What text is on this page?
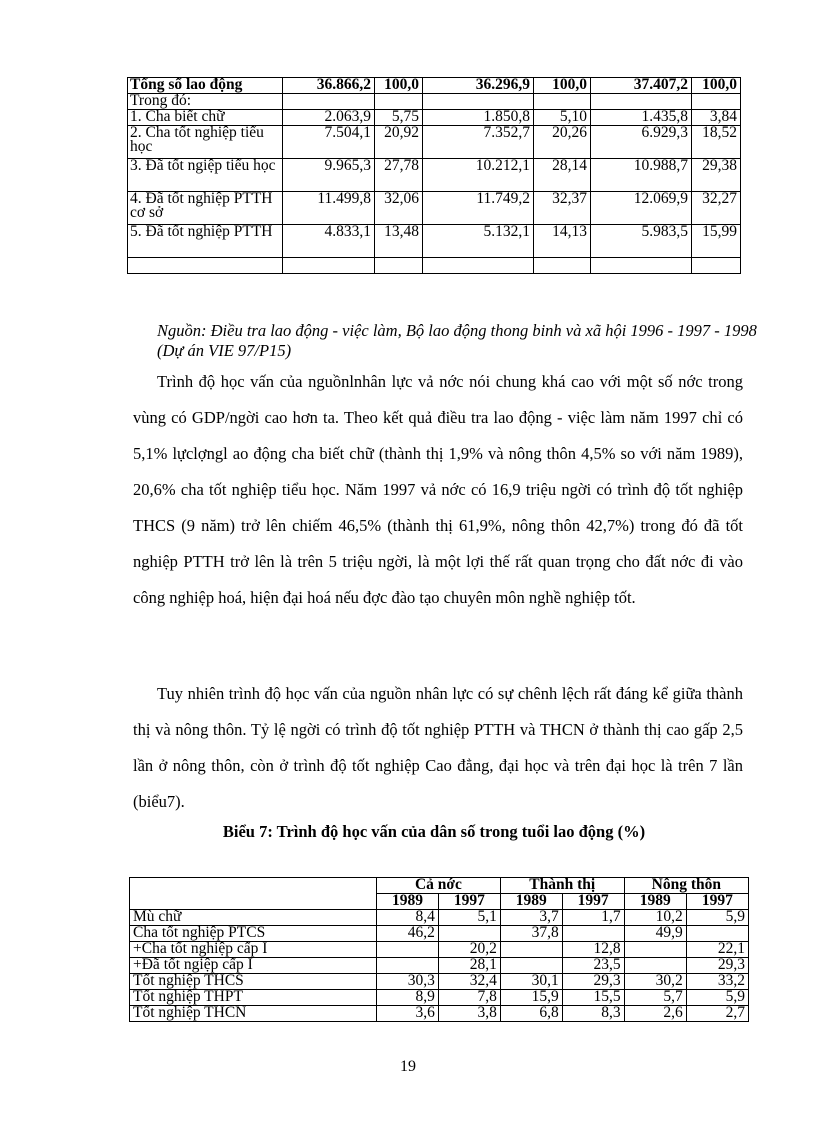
Tổng số lao động	36.866,2	100,0	36.296,9	100,0	37.407,2	100,0
Trong đó:						
1. Cha biết chữ	2.063,9	5,75	1.850,8	5,10	1.435,8	3,84
2. Cha tốt nghiệp tiểu học	7.504,1	20,92	7.352,7	20,26	6.929,3	18,52
3. Đã tốt ngiệp tiểu học	9.965,3	27,78	10.212,1	28,14	10.988,7	29,38
4. Đã tốt nghiệp PTTH cơ sở	11.499,8	32,06	11.749,2	32,37	12.069,9	32,27
5. Đã tốt nghiệp PTTH	4.833,1	13,48	5.132,1	14,13	5.983,5	15,99

Nguồn: Điều tra lao động - việc làm, Bộ lao động thong binh và xã hội 1996 - 1997 - 1998 (Dự án VIE 97/P15)
Trình độ học vấn của nguồnlnhân lực vả nớc nói chung khá cao với một số nớc trong vùng có GDP/ngời cao hơn ta. Theo kết quả điều tra lao động - việc làm năm 1997 chỉ có 5,1% lựclợngl ao động cha biết chữ (thành thị 1,9% và nông thôn 4,5% so với năm 1989), 20,6% cha tốt nghiệp tiểu học. Năm 1997 vả nớc có 16,9 triệu ngời có trình độ tốt nghiệp THCS (9 năm) trở lên chiếm 46,5% (thành thị 61,9%, nông thôn 42,7%) trong đó đã tốt nghiệp PTTH trở lên là trên 5 triệu ngời, là một lợi thế rất quan trọng cho đất nớc đi vào công nghiệp hoá, hiện đại hoá nếu đợc đào tạo chuyên môn nghề nghiệp tốt.
Tuy nhiên trình độ học vấn của nguồn nhân lực có sự chênh lệch rất đáng kể giữa thành thị và nông thôn. Tỷ lệ ngời có trình độ tốt nghiệp PTTH và THCN ở thành thị cao gấp 2,5 lần ở nông thôn, còn ở trình độ tốt nghiệp Cao đẳng, đại học và trên đại học là trên 7 lần (biểu7).
Biểu 7: Trình độ học vấn của dân số trong tuổi lao động (%)
	Cả nớc		Thành thị		Nông thôn	
	1989	1997	1989	1997	1989	1997
Mù chữ	8,4	5,1	3,7	1,7	10,2	5,9
Cha tốt nghiệp PTCS	46,2		37,8		49,9	
+Cha tốt nghiệp cấp I		20,2		12,8		22,1
+Đã tốt ngiệp cấp I		28,1		23,5		29,3
Tốt nghiệp THCS	30,3	32,4	30,1	29,3	30,2	33,2
Tốt nghiệp THPT	8,9	7,8	15,9	15,5	5,7	5,9
Tốt nghiệp THCN	3,6	3,8	6,8	8,3	2,6	2,7
19
